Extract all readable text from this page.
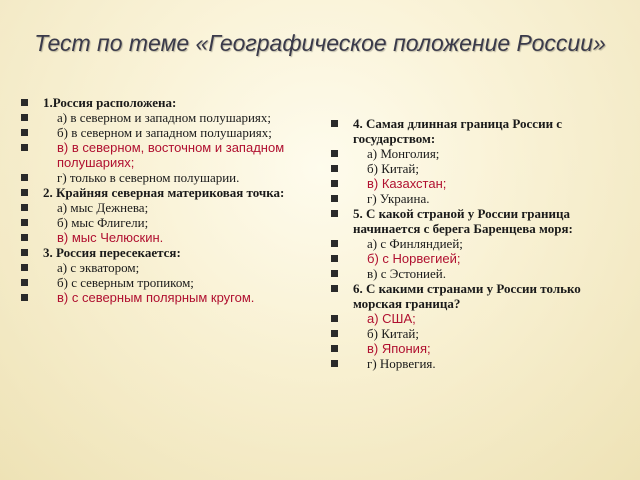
Тест по теме «Географическое положение России»
1.Россия расположена:
а) в северном и западном полушариях;
б) в северном и западном полушариях;
в) в северном, восточном и западном полушариях;
г) только в северном полушарии.
2. Крайняя северная материковая точка:
а) мыс Дежнева;
б) мыс Флигели;
в) мыс Челюскин.
3. Россия пересекается:
а) с экватором;
б) с северным тропиком;
в) с северным полярным кругом.
4. Самая длинная граница России с государством:
а) Монголия;
б) Китай;
в) Казахстан;
г) Украина.
5. С какой страной у России граница начинается с берега Баренцева моря:
а) с Финляндией;
б) с Норвегией;
в) с Эстонией.
6. С какими странами у России только морская граница?
а) США;
б) Китай;
в) Япония;
г) Норвегия.
